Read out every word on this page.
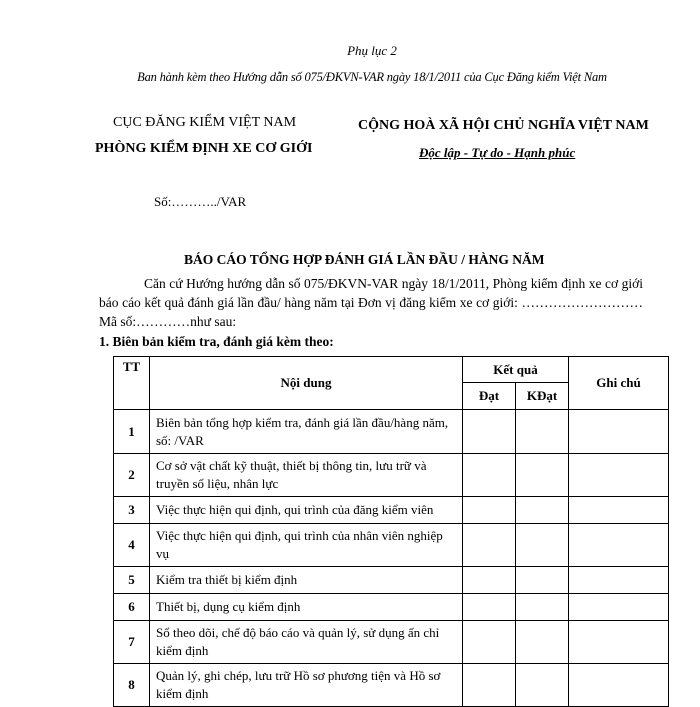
Phụ lục 2
Ban hành kèm theo Hướng dẫn số 075/ĐKVN-VAR ngày 18/1/2011 của Cục Đăng kiểm Việt Nam
CỤC ĐĂNG KIỂM VIỆT NAM
PHÒNG KIỂM ĐỊNH XE CƠ GIỚI
CỘNG HOÀ XÃ HỘI CHỦ NGHĨA VIỆT NAM
Độc lập - Tự do - Hạnh phúc
Số:………../VAR
BÁO CÁO TỔNG HỢP ĐÁNH GIÁ LẦN ĐẦU / HÀNG NĂM
Căn cứ Hướng hướng dẫn số 075/ĐKVN-VAR ngày 18/1/2011, Phòng kiểm định xe cơ giới báo cáo kết quả đánh giá lần đầu/ hàng năm tại Đơn vị đăng kiểm xe cơ giới: ………………………Mã số:…………như sau:
1. Biên bản kiểm tra, đánh giá kèm theo:
TT	Nội dung	Kết quả		Ghi chú
		Đạt	KĐạt	
1	Biên bản tổng hợp kiểm tra, đánh giá lần đầu/hàng năm, số: /VAR			
2	Cơ sở vật chất kỹ thuật, thiết bị thông tin, lưu trữ và truyền số liệu, nhân lực			
3	Việc thực hiện qui định, qui trình của đăng kiểm viên			
4	Việc thực hiện qui định, qui trình của nhân viên nghiệp vụ			
5	Kiểm tra thiết bị kiểm định			
6	Thiết bị, dụng cụ kiểm định			
7	Sổ theo dõi, chế độ báo cáo và quản lý, sử dụng ấn chỉ kiểm định			
8	Quản lý, ghi chép, lưu trữ Hồ sơ phương tiện và Hồ sơ kiểm định			
